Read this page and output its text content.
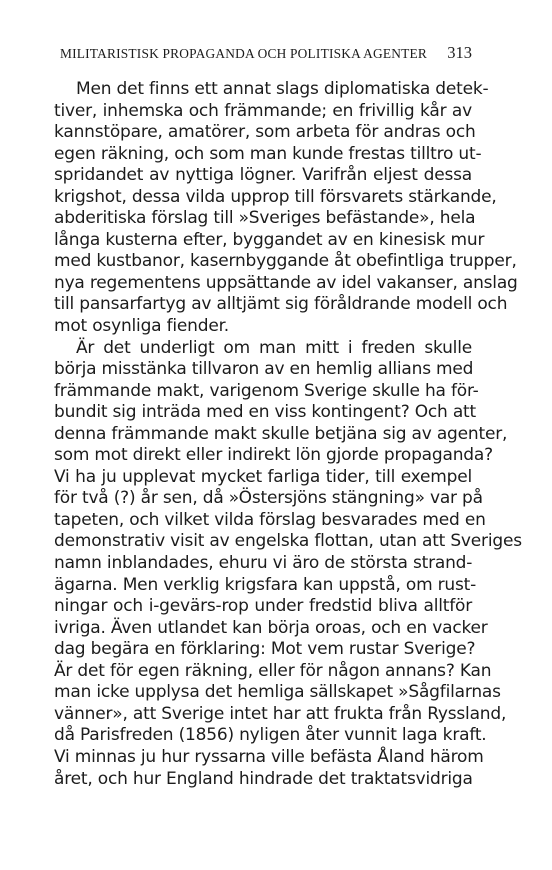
MILITARISTISK PROPAGANDA OCH POLITISKA AGENTER 313
Men det finns ett annat slags diplomatiska detek-
tiver, inhemska och främmande; en frivillig kår av
kannstöpare, amatörer, som arbeta för andras och
egen räkning, och som man kunde frestas tilltro ut-
spridandet av nyttiga lögner. Varifrån eljest dessa
krigshot, dessa vilda upprop till försvarets stärkande,
abderitiska förslag till »Sveriges befästande», hela
långa kusterna efter, byggandet av en kinesisk mur
med kustbanor, kasernbyggande åt obefintliga trupper,
nya regementens uppsättande av idel vakanser, anslag
till pansarfartyg av alltjämt sig föråldrande modell och
mot osynliga fiender.
Är det underligt om man mitt i freden skulle
börja misstänka tillvaron av en hemlig allians med
främmande makt, varigenom Sverige skulle ha för-
bundit sig inträda med en viss kontingent? Och att
denna främmande makt skulle betjäna sig av agenter,
som mot direkt eller indirekt lön gjorde propaganda?
Vi ha ju upplevat mycket farliga tider, till exempel
för två (?) år sen, då »Östersjöns stängning» var på
tapeten, och vilket vilda förslag besvarades med en
demonstrativ visit av engelska flottan, utan att Sveriges
namn inblandades, ehuru vi äro de största strand-
ägarna. Men verklig krigsfara kan uppstå, om rust-
ningar och i-gevärs-rop under fredstid bliva alltför
ivriga. Även utlandet kan börja oroas, och en vacker
dag begära en förklaring: Mot vem rustar Sverige?
Är det för egen räkning, eller för någon annans? Kan
man icke upplysa det hemliga sällskapet »Sågfilarnas
vänner», att Sverige intet har att frukta från Ryssland,
då Parisfreden (1856) nyligen åter vunnit laga kraft.
Vi minnas ju hur ryssarna ville befästa Åland härom
året, och hur England hindrade det traktatsvidriga
